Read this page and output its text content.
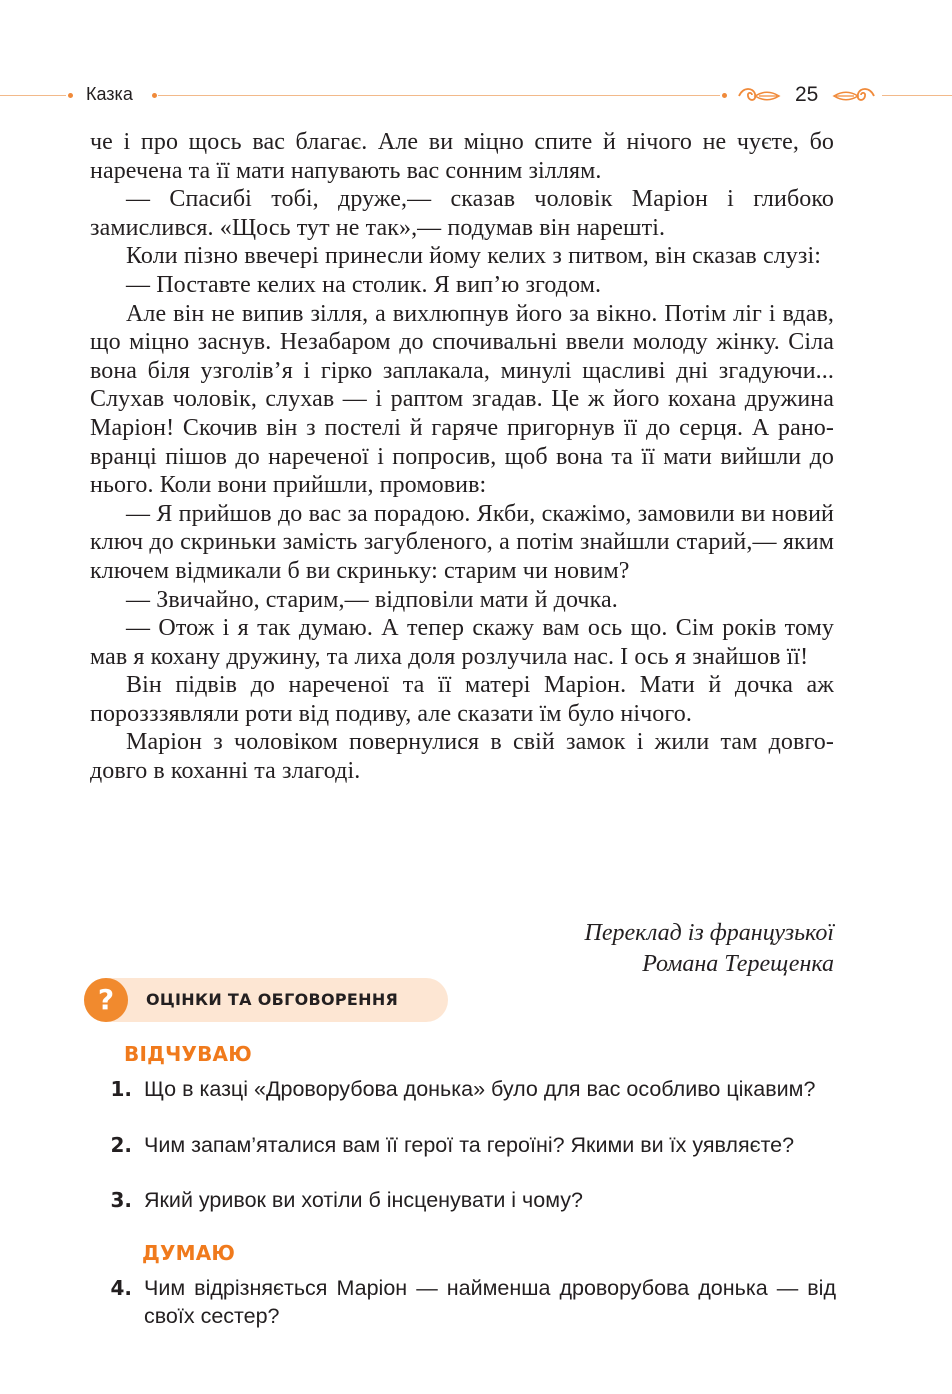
Казка	25

че і про щось вас благає. Але ви міцно спите й нічого не чуєте, бо наречена та її мати напувають вас сонним зіллям.

— Спасибі тобі, друже,— сказав чоловік Маріон і глибоко замислився. «Щось тут не так»,— подумав він нарешті.

Коли пізно ввечері принесли йому келих з питвом, він сказав слузі:

— Поставте келих на столик. Я вип’ю згодом.

Але він не випив зілля, а вихлюпнув його за вікно. Потім ліг і вдав, що міцно заснув. Незабаром до спочивальні ввели молоду жінку. Сіла вона біля узголів’я і гірко заплакала, минулі щасливі дні згадуючи... Слухав чоловік, слухав — і раптом згадав. Це ж його кохана дружина Маріон! Скочив він з постелі й гаряче пригорнув її до серця. А рано-вранці пішов до нареченої і попросив, щоб вона та її мати вийшли до нього. Коли вони прийшли, промовив:

— Я прийшов до вас за порадою. Якби, скажімо, замовили ви новий ключ до скриньки замість загубленого, а потім знайшли старий,— яким ключем відмикали б ви скриньку: старим чи новим?

— Звичайно, старим,— відповіли мати й дочка.

— Отож і я так думаю. А тепер скажу вам ось що. Сім років тому мав я кохану дружину, та лиха доля розлучила нас. І ось я знайшов її!

Він підвів до нареченої та її матері Маріон. Мати й дочка аж порозззявляли роти від подиву, але сказати їм було нічого.

Маріон з чоловіком повернулися в свій замок і жили там довго-довго в коханні та злагоді.

Переклад із французької
Романа Терещенка
?	ОЦІНКИ ТА ОБГОВОРЕННЯ
ВІДЧУВАЮ
1. Що в казці «Дроворубова донька» було для вас особливо цікавим?
2. Чим запам’яталися вам її герої та героїні? Якими ви їх уявляєте?
3. Який уривок ви хотіли б інсценувати і чому?
ДУМАЮ
4. Чим відрізняється Маріон — найменша дроворубова донька — від своїх сестер?
